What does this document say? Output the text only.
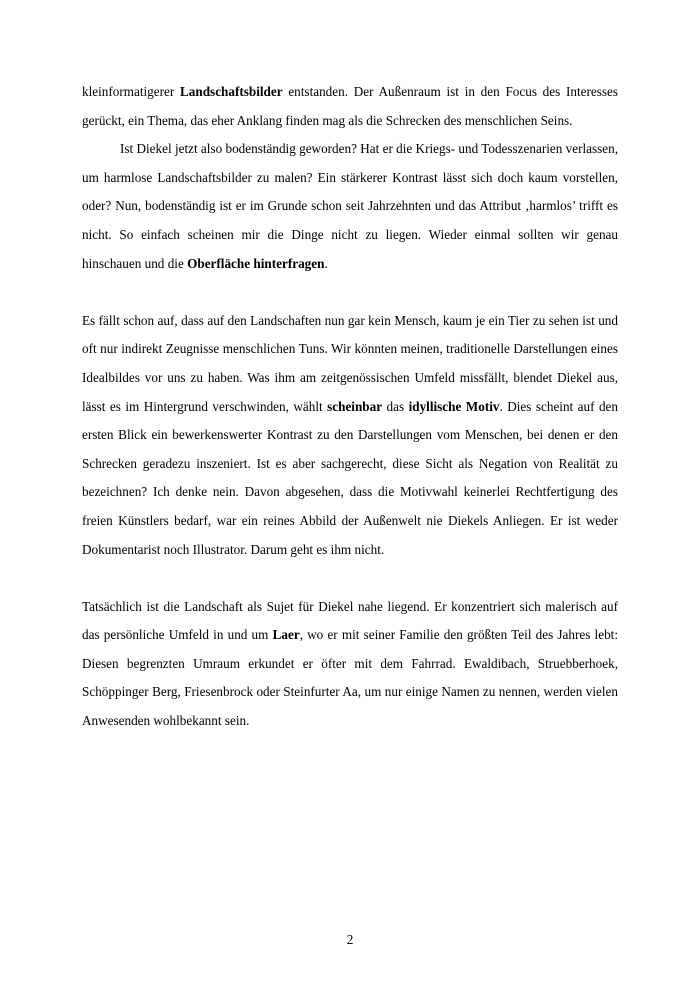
kleinformatigerer Landschaftsbilder entstanden. Der Außenraum ist in den Focus des Interesses gerückt, ein Thema, das eher Anklang finden mag als die Schrecken des menschlichen Seins.

Ist Diekel jetzt also bodenständig geworden? Hat er die Kriegs- und Todesszenarien verlassen, um harmlose Landschaftsbilder zu malen? Ein stärkerer Kontrast lässt sich doch kaum vorstellen, oder? Nun, bodenständig ist er im Grunde schon seit Jahrzehnten und das Attribut ‚harmlos’ trifft es nicht. So einfach scheinen mir die Dinge nicht zu liegen. Wieder einmal sollten wir genau hinschauen und die Oberfläche hinterfragen.

Es fällt schon auf, dass auf den Landschaften nun gar kein Mensch, kaum je ein Tier zu sehen ist und oft nur indirekt Zeugnisse menschlichen Tuns. Wir könnten meinen, traditionelle Darstellungen eines Idealbildes vor uns zu haben. Was ihm am zeitgenössischen Umfeld missfällt, blendet Diekel aus, lässt es im Hintergrund verschwinden, wählt scheinbar das idyllische Motiv. Dies scheint auf den ersten Blick ein bewerkenswerter Kontrast zu den Darstellungen vom Menschen, bei denen er den Schrecken geradezu inszeniert. Ist es aber sachgerecht, diese Sicht als Negation von Realität zu bezeichnen? Ich denke nein. Davon abgesehen, dass die Motivwahl keinerlei Rechtfertigung des freien Künstlers bedarf, war ein reines Abbild der Außenwelt nie Diekels Anliegen. Er ist weder Dokumentarist noch Illustrator. Darum geht es ihm nicht.

Tatsächlich ist die Landschaft als Sujet für Diekel nahe liegend. Er konzentriert sich malerisch auf das persönliche Umfeld in und um Laer, wo er mit seiner Familie den größten Teil des Jahres lebt: Diesen begrenzten Umraum erkundet er öfter mit dem Fahrrad. Ewaldibach, Struebberhoek, Schöppinger Berg, Friesenbrock oder Steinfurter Aa, um nur einige Namen zu nennen, werden vielen Anwesenden wohlbekannt sein.

2
